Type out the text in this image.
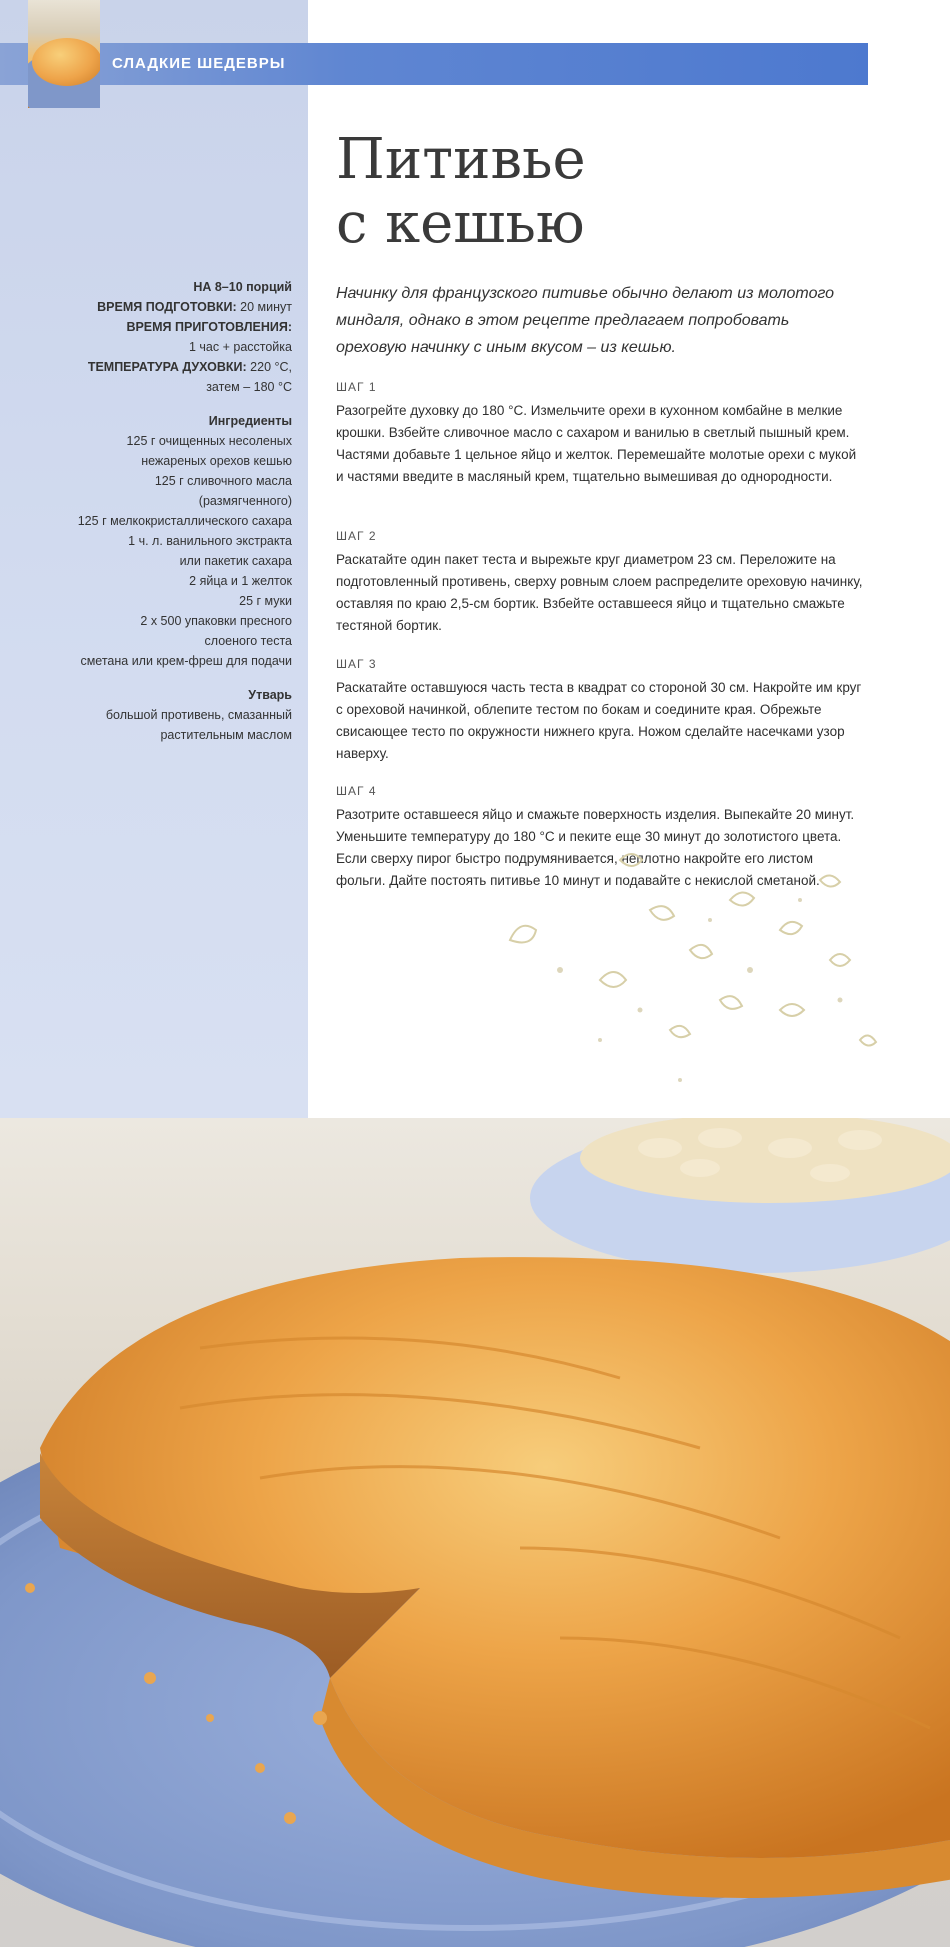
СЛАДКИЕ ШЕДЕВРЫ
Питивье
с кешью
НА 8–10 порций
ВРЕМЯ ПОДГОТОВКИ: 20 минут
ВРЕМЯ ПРИГОТОВЛЕНИЯ:
1 час + расстойка
ТЕМПЕРАТУРА ДУХОВКИ: 220 °С,
затем – 180 °С
Ингредиенты
125 г очищенных несоленых
нежареных орехов кешью
125 г сливочного масла
(размягченного)
125 г мелкокристаллического сахара
1 ч. л. ванильного экстракта
или пакетик сахара
2 яйца и 1 желток
25 г муки
2 х 500 упаковки пресного
слоеного теста
сметана или крем-фреш для подачи
Утварь
большой противень, смазанный
растительным маслом

Начинку для французского питивье обычно делают из молотого миндаля, однако в этом рецепте предлагаем попробовать ореховую начинку с иным вкусом – из кешью.

ШАГ 1
Разогрейте духовку до 180 °С. Измельчите орехи в кухонном комбайне в мелкие крошки. Взбейте сливочное масло с сахаром и ванилью в светлый пышный крем. Частями добавьте 1 цельное яйцо и желток. Перемешайте молотые орехи с мукой и частями введите в масляный крем, тщательно вымешивая до однородности.
ШАГ 2
Раскатайте один пакет теста и вырежьте круг диаметром 23 см. Переложите на подготовленный противень, сверху ровным слоем распределите ореховую начинку, оставляя по краю 2,5-см бортик. Взбейте оставшееся яйцо и тщательно смажьте тестяной бортик.
ШАГ 3
Раскатайте оставшуюся часть теста в квадрат со стороной 30 см. Накройте им круг с ореховой начинкой, облепите тестом по бокам и соедините края. Обрежьте свисающее тесто по окружности нижнего круга. Ножом сделайте насечками узор наверху.
ШАГ 4
Разотрите оставшееся яйцо и смажьте поверхность изделия. Выпекайте 20 минут. Уменьшите температуру до 180 °С и пеките еще 30 минут до золотистого цвета. Если сверху пирог быстро подрумянивается, неплотно накройте его листом фольги. Дайте постоять питивье 10 минут и подавайте с некислой сметаной.
